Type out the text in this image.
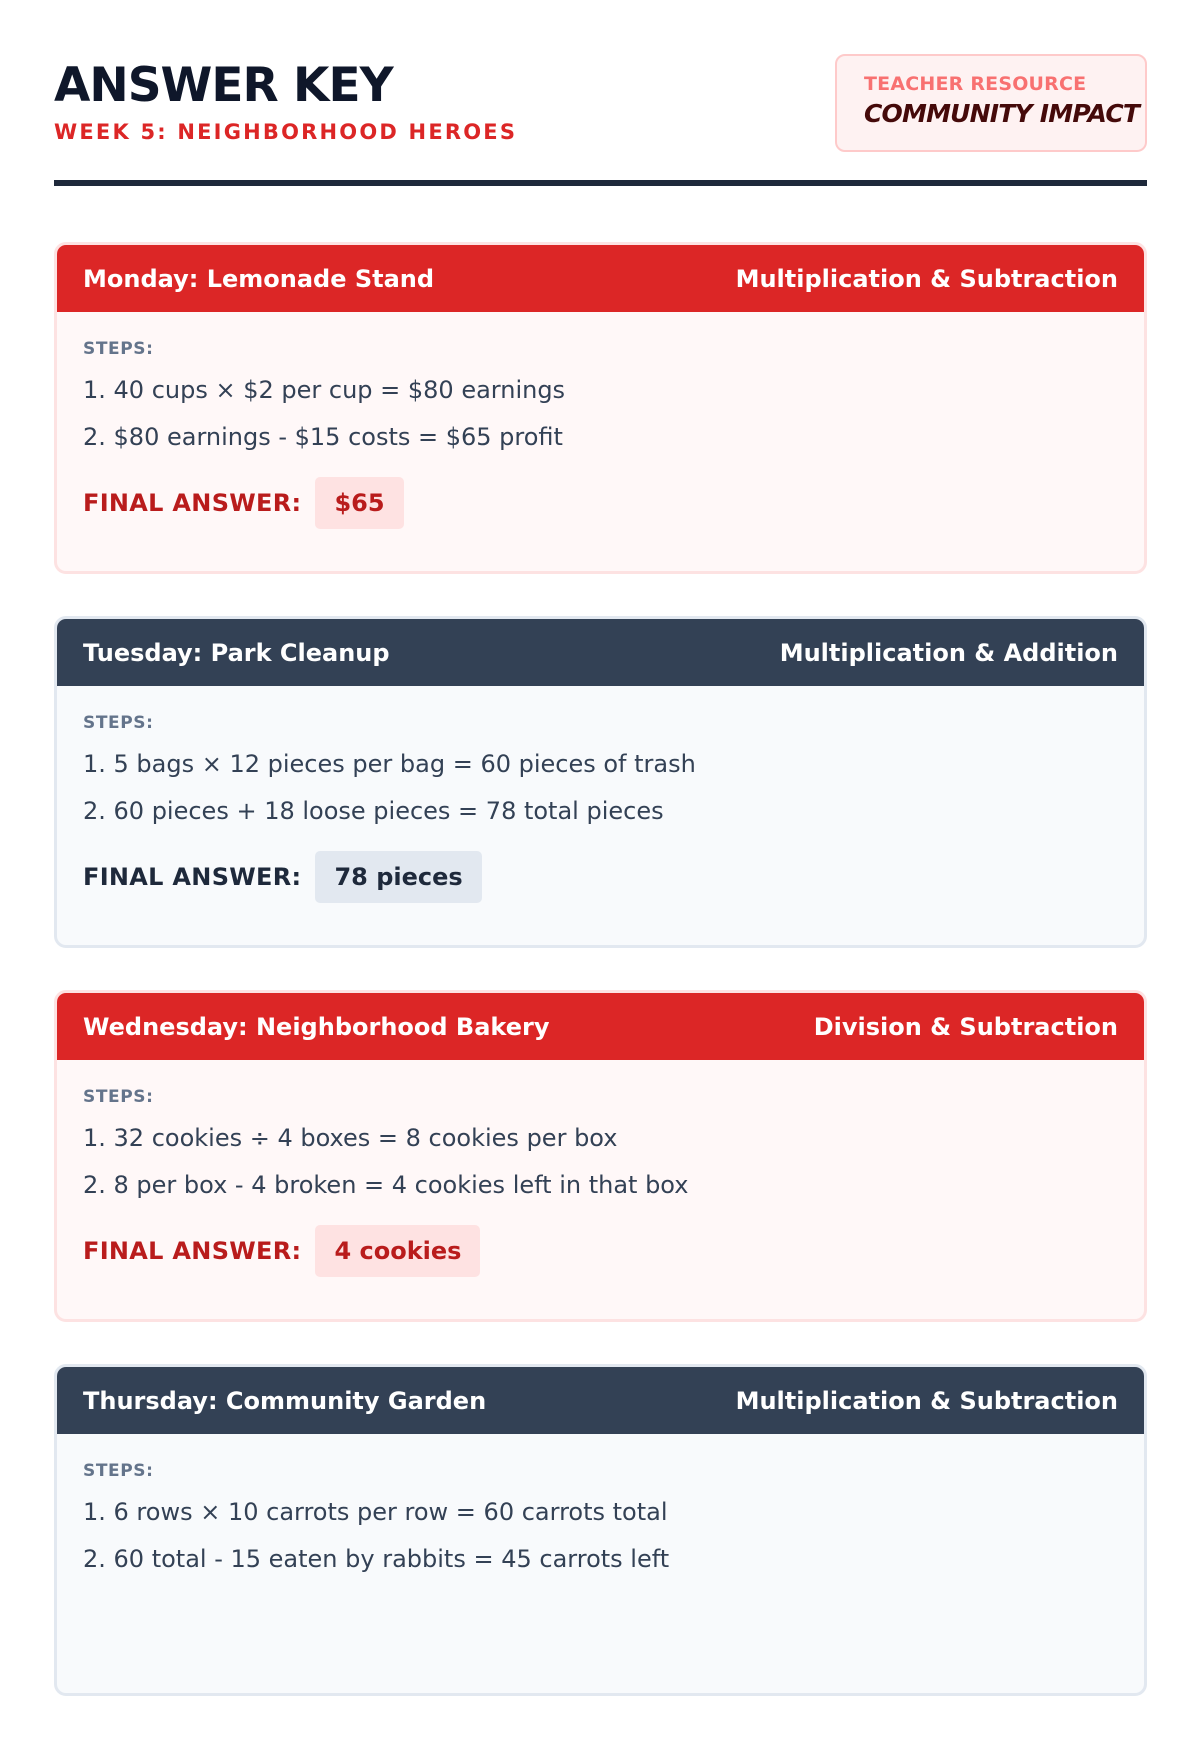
ANSWER KEY
WEEK 5: NEIGHBORHOOD HEROES
TEACHER RESOURCE
COMMUNITY IMPACT
Monday: Lemonade Stand	Multiplication & Subtraction
STEPS:
1. 40 cups × $2 per cup = $80 earnings
2. $80 earnings - $15 costs = $65 profit
FINAL ANSWER:	$65
Tuesday: Park Cleanup	Multiplication & Addition
STEPS:
1. 5 bags × 12 pieces per bag = 60 pieces of trash
2. 60 pieces + 18 loose pieces = 78 total pieces
FINAL ANSWER:	78 pieces
Wednesday: Neighborhood Bakery	Division & Subtraction
STEPS:
1. 32 cookies ÷ 4 boxes = 8 cookies per box
2. 8 per box - 4 broken = 4 cookies left in that box
FINAL ANSWER:	4 cookies
Thursday: Community Garden	Multiplication & Subtraction
STEPS:
1. 6 rows × 10 carrots per row = 60 carrots total
2. 60 total - 15 eaten by rabbits = 45 carrots left
